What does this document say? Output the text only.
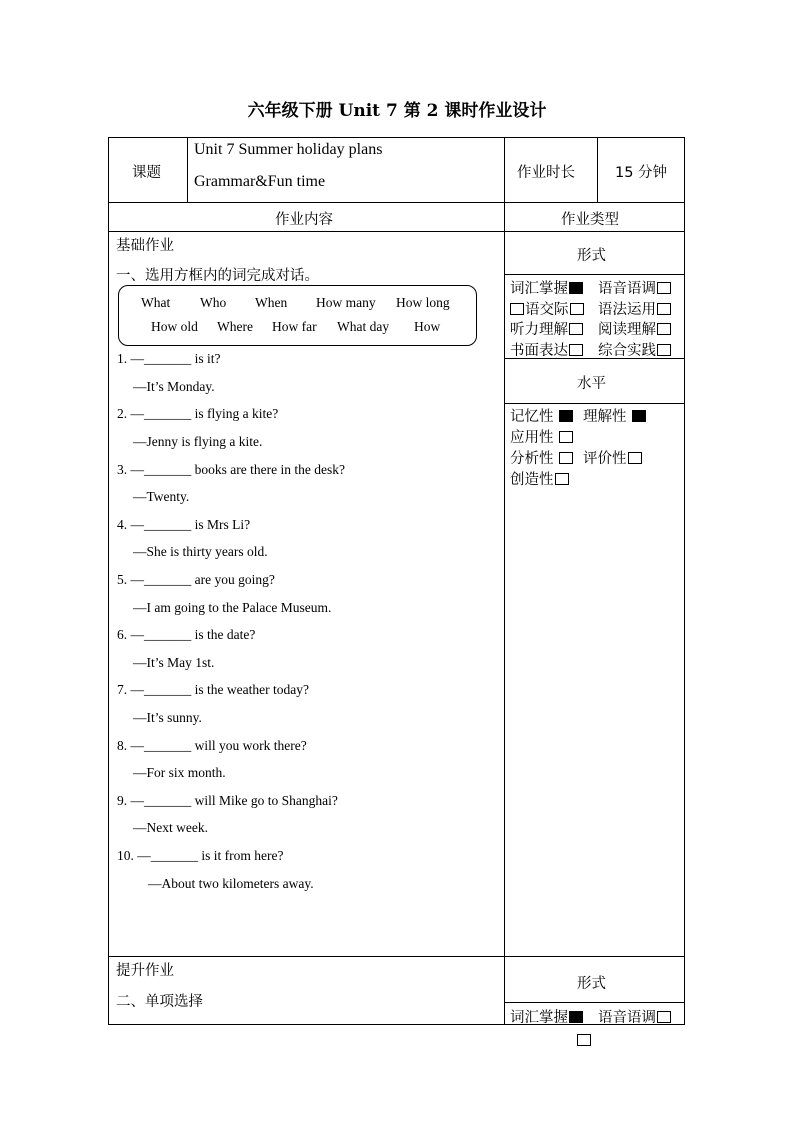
六年级下册 Unit 7 第 2 课时作业设计
课题
Unit 7 Summer holiday plans
Grammar&Fun time	作业时长	15 分钟
作业内容	作业类型
基础作业
一、选用方框内的词完成对话。
What Who When How many How long
How old Where How far What day How
1. —_______ is it?
—It’s Monday.
2. —_______ is flying a kite?
—Jenny is flying a kite.
3. —_______ books are there in the desk?
—Twenty.
4. —_______ is Mrs Li?
—She is thirty years old.
5. —_______ are you going?
—I am going to the Palace Museum.
6. —_______ is the date?
—It’s May 1st.
7. —_______ is the weather today?
—It’s sunny.
8. —_______ will you work there?
—For six month.
9. —_______ will Mike go to Shanghai?
—Next week.
10. —_______ is it from here?
—About two kilometers away.
形式
词汇掌握	语音语调
语交际	语法运用
听力理解	阅读理解
书面表达	综合实践
水平
记忆性	理解性
应用性
分析性	评价性
创造性
提升作业
二、单项选择
形式
词汇掌握	语音语调
